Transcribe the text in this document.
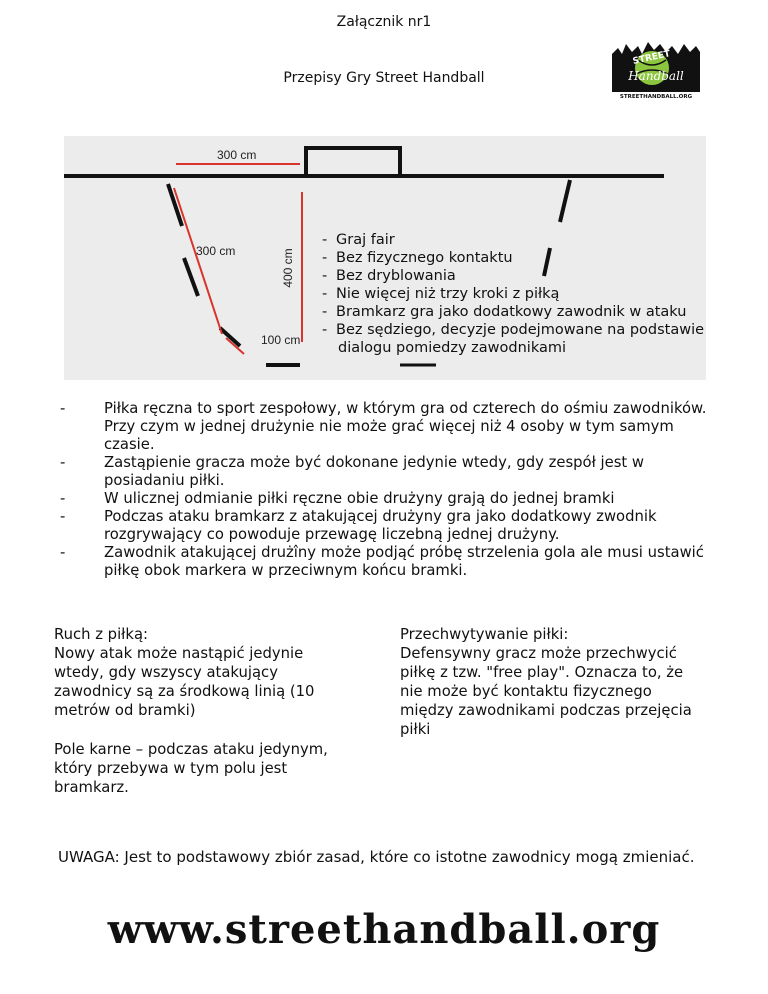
Załącznik nr1
Przepisy Gry Street Handball
STREET
Handball
STREETHANDBALL.ORG
400 cm
300 cm
300 cm
100 cm
- Graj fair
- Bez fizycznego kontaktu
- Bez dryblowania
- Nie więcej niż trzy kroki z piłką
- Bramkarz gra jako dodatkowy zawodnik w ataku
- Bez sędziego, decyzje podejmowane na podstawie
dialogu pomiedzy zawodnikami
- Piłka ręczna to sport zespołowy, w którym gra od czterech do ośmiu zawodników. Przy czym w jednej drużynie nie może grać więcej niż 4 osoby w tym samym czasie.
- Zastąpienie gracza może być dokonane jedynie wtedy, gdy zespół jest w posiadaniu piłki.
- W ulicznej odmianie piłki ręczne obie drużyny grają do jednej bramki
- Podczas ataku bramkarz z atakującej drużyny gra jako dodatkowy zwodnik rozgrywający co powoduje przewagę liczebną jednej drużyny.
- Zawodnik atakującej drużîny może podjąć próbę strzelenia gola ale musi ustawić piłkę obok markera w przeciwnym końcu bramki.

Ruch z piłką:

Nowy atak może nastąpić jedynie wtedy, gdy wszyscy atakujący zawodnicy są za środkową linią (10 metrów od bramki)

Pole karne – podczas ataku jedynym, który przebywa w tym polu jest bramkarz.

Przechwytywanie piłki:

Defensywny gracz może przechwycić piłkę z tzw. "free play". Oznacza to, że nie może być kontaktu fizycznego między zawodnikami podczas przejęcia piłki

UWAGA: Jest to podstawowy zbiór zasad, które co istotne zawodnicy mogą zmieniać.
www.streethandball.org
